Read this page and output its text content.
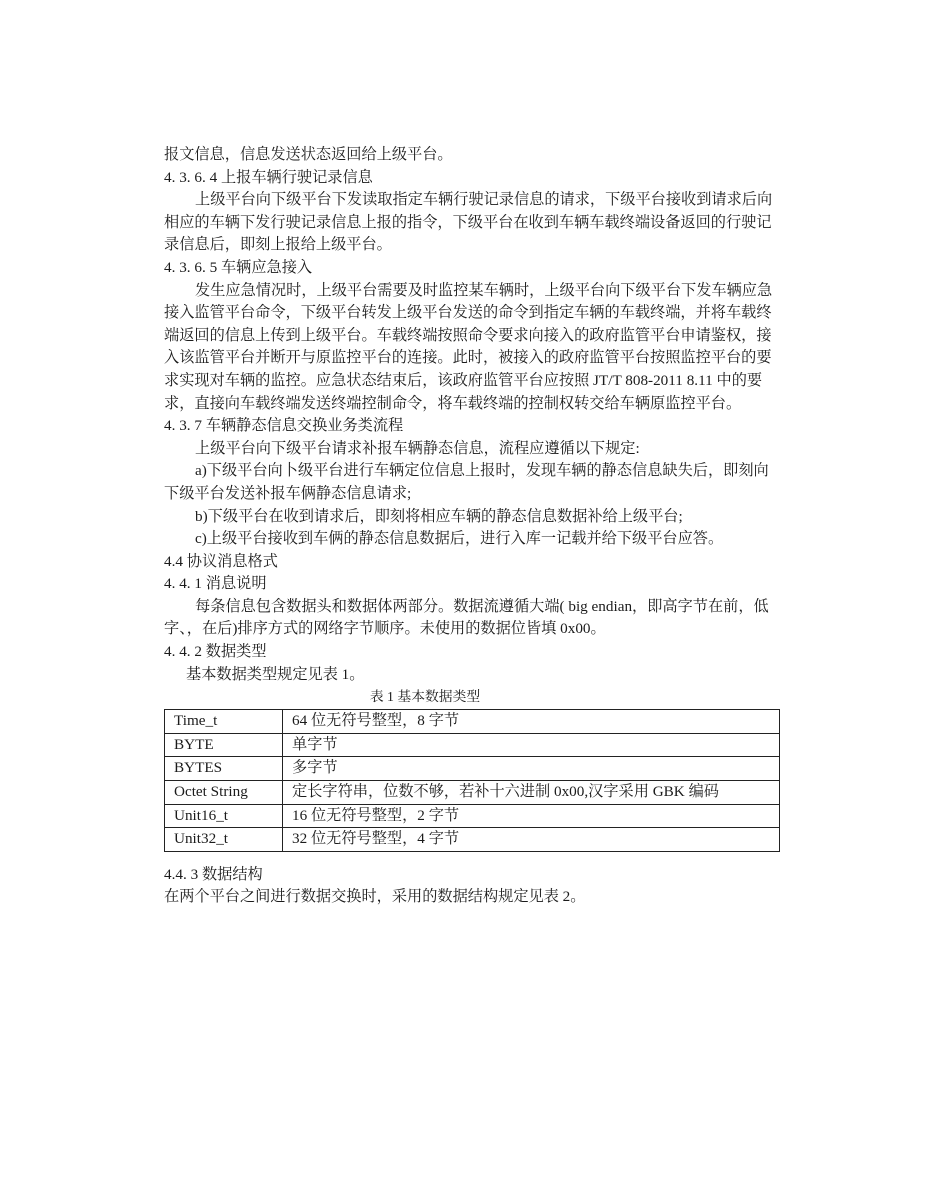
报文信息，信息发送状态返回给上级平台。
4. 3. 6. 4 上报车辆行驶记录信息
上级平台向下级平台下发读取指定车辆行驶记录信息的请求，下级平台接收到请求后向
相应的车辆下发行驶记录信息上报的指令，下级平台在收到车辆车载终端设备返回的行驶记
录信息后，即刻上报给上级平台。
4. 3. 6. 5 车辆应急接入
发生应急情况时，上级平台需要及时监控某车辆时，上级平台向下级平台下发车辆应急
接入监管平台命令，下级平台转发上级平台发送的命令到指定车辆的车载终端，并将车载终
端返回的信息上传到上级平台。车载终端按照命令要求向接入的政府监管平台申请鉴权，接
入该监管平台并断开与原监控平台的连接。此时，被接入的政府监管平台按照监控平台的要
求实现对车辆的监控。应急状态结束后，该政府监管平台应按照 JT/T 808-2011 8.11 中的要
求，直接向车载终端发送终端控制命令，将车载终端的控制权转交给车辆原监控平台。
4. 3. 7 车辆静态信息交换业务类流程
上级平台向下级平台请求补报车辆静态信息，流程应遵循以下规定:
a)下级平台向卜级平台进行车辆定位信息上报时，发现车辆的静态信息缺失后，即刻向
下级平台发送补报车俩静态信息请求;
b)下级平台在收到请求后，即刻将相应车辆的静态信息数据补给上级平台;
c)上级平台接收到车俩的静态信息数据后，进行入库一记载并给下级平台应答。
4.4 协议消息格式
4. 4. 1 消息说明
每条信息包含数据头和数据体两部分。数据流遵循大端( big endian，即高字节在前，低
字、，在后)排序方式的网络字节顺序。未使用的数据位皆填 0x00。
4. 4. 2 数据类型
基本数据类型规定见表 1。
表 1 基本数据类型
Time_t	64 位无符号整型，8 字节
BYTE	单字节
BYTES	多字节
Octet String	定长字符串，位数不够，若补十六进制 0x00,汉字采用 GBK 编码
Unit16_t	16 位无符号整型，2 字节
Unit32_t	32 位无符号整型，4 字节
4.4. 3 数据结构
在两个平台之间进行数据交换时，采用的数据结构规定见表 2。
